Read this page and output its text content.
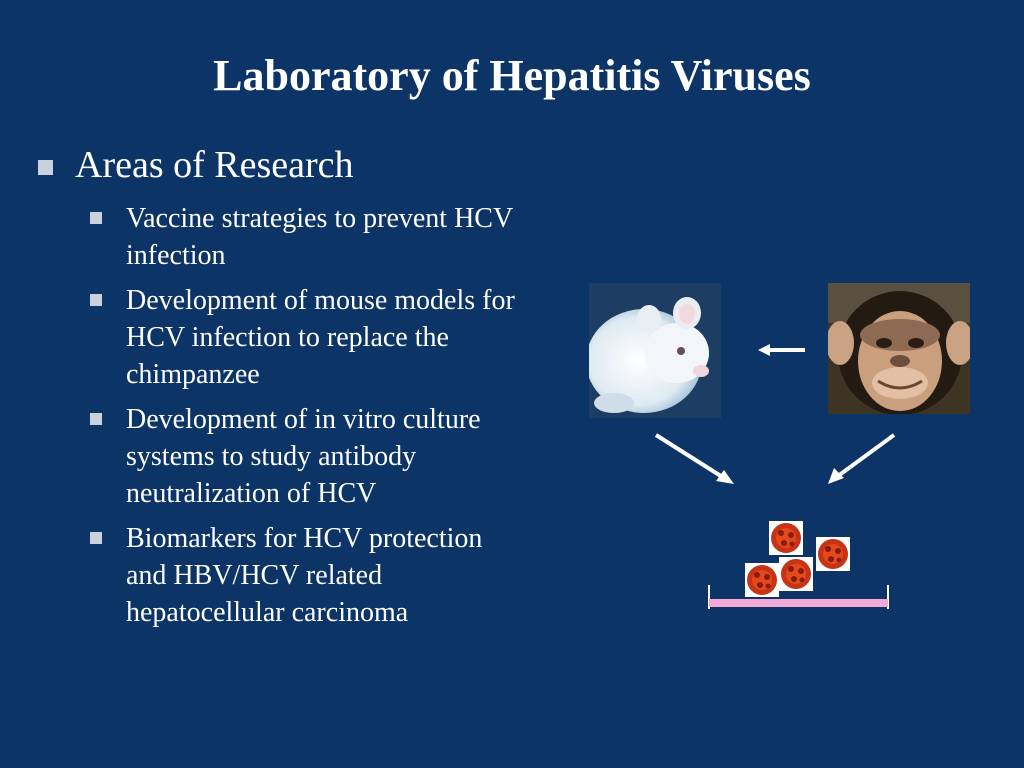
Laboratory of Hepatitis Viruses
Areas of Research
Vaccine strategies to prevent HCV infection
Development of mouse models for HCV infection to replace the chimpanzee
Development of in vitro culture systems to study antibody neutralization of HCV
Biomarkers for HCV protection and HBV/HCV related hepatocellular carcinoma
